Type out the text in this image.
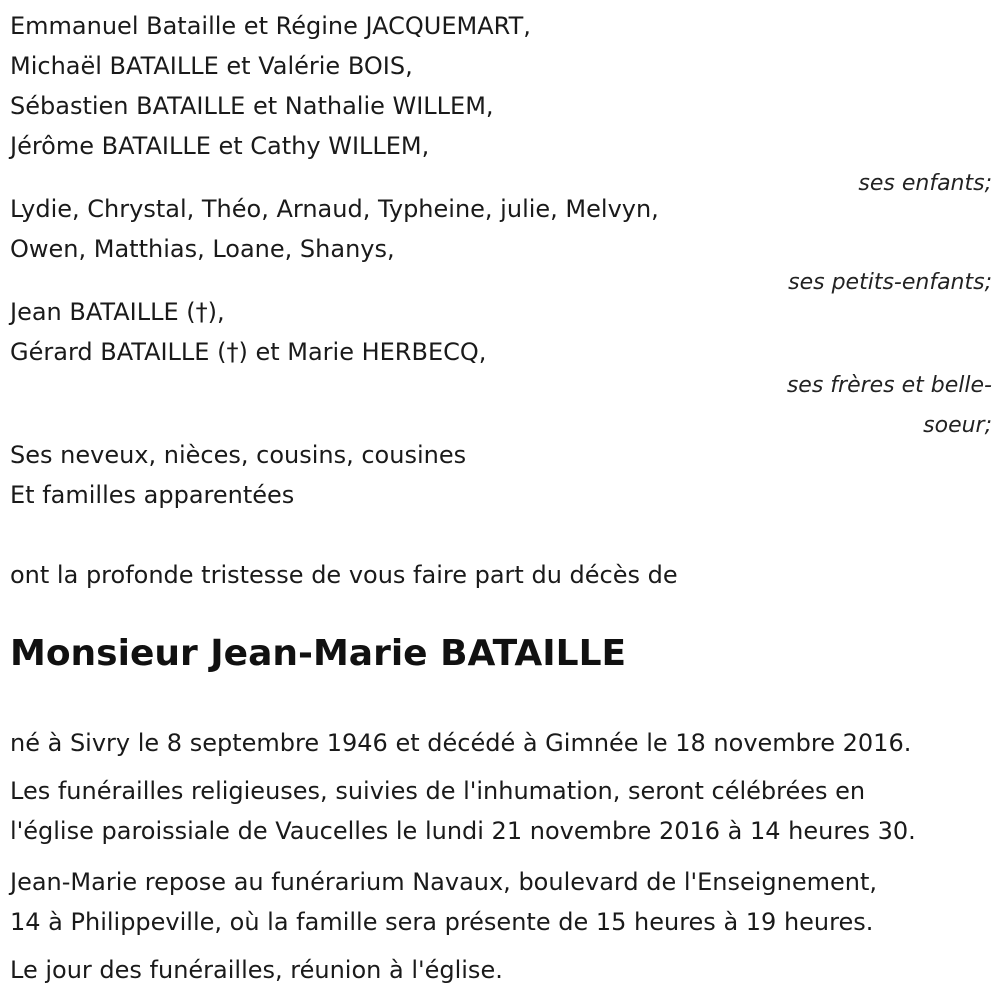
Emmanuel Bataille et Régine JACQUEMART,
Michaël BATAILLE et Valérie BOIS,
Sébastien BATAILLE et Nathalie WILLEM,
Jérôme BATAILLE et Cathy WILLEM,
ses enfants;
Lydie, Chrystal, Théo, Arnaud, Typheine, julie, Melvyn,
Owen, Matthias, Loane, Shanys,
ses petits-enfants;
Jean BATAILLE (†),
Gérard BATAILLE (†) et Marie HERBECQ,
ses frères et belle-
soeur;
Ses neveux, nièces, cousins, cousines
Et familles apparentées
ont la profonde tristesse de vous faire part du décès de
Monsieur Jean-Marie BATAILLE
né à Sivry le 8 septembre 1946 et décédé à Gimnée le 18 novembre 2016.
Les funérailles religieuses, suivies de l'inhumation, seront célébrées en
l'église paroissiale de Vaucelles le lundi 21 novembre 2016 à 14 heures 30.
Jean-Marie repose au funérarium Navaux, boulevard de l'Enseignement,
14 à Philippeville, où la famille sera présente de 15 heures à 19 heures.
Le jour des funérailles, réunion à l'église.
